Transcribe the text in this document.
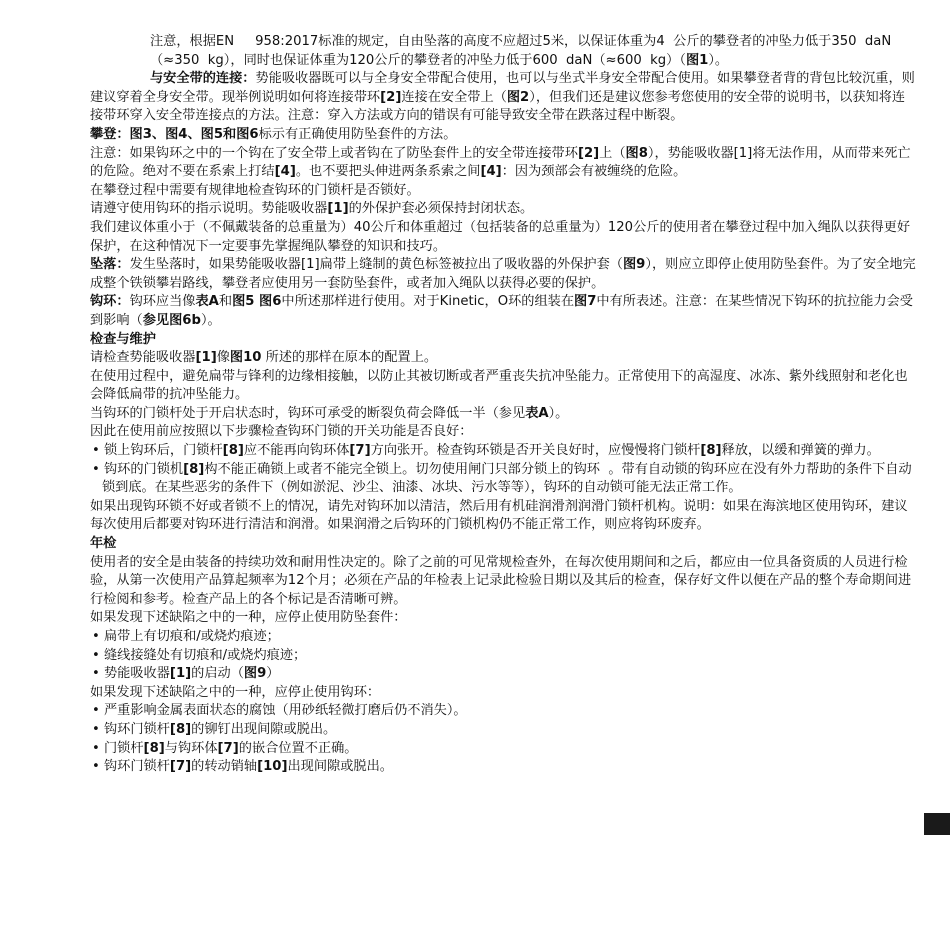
注意，根据EN     958:2017标准的规定，自由坠落的高度不应超过5米，以保证体重为4  公斤的攀登者的冲坠力低于350  daN（≈350  kg），同时也保证体重为120公斤的攀登者的冲坠力低于600  daN（≈600  kg）（图1）。

与安全带的连接：势能吸收器既可以与全身安全带配合使用，也可以与坐式半身安全带配合使用。如果攀登者背的背包比较沉重，则建议穿着全身安全带。现举例说明如何将连接带环[2]连接在安全带上（图2），但我们还是建议您参考您使用的安全带的说明书，以获知将连接带环穿入安全带连接点的方法。注意：穿入方法或方向的错误有可能导致安全带在跌落过程中断裂。

攀登：图3、图4、图5和图6标示有正确使用防坠套件的方法。

注意：如果钩环之中的一个钩在了安全带上或者钩在了防坠套件上的安全带连接带环[2]上（图8），势能吸收器[1]将无法作用，从而带来死亡的危险。绝对不要在系索上打结[4]。也不要把头伸进两条系索之间[4]：因为颈部会有被缠绕的危险。

在攀登过程中需要有规律地检查钩环的门锁杆是否锁好。

请遵守使用钩环的指示说明。势能吸收器[1]的外保护套必须保持封闭状态。

我们建议体重小于（不佩戴装备的总重量为）40公斤和体重超过（包括装备的总重量为）120公斤的使用者在攀登过程中加入绳队以获得更好保护，在这种情况下一定要事先掌握绳队攀登的知识和技巧。

坠落：发生坠落时，如果势能吸收器[1]扁带上缝制的黄色标签被拉出了吸收器的外保护套（图9），则应立即停止使用防坠套件。为了安全地完成整个铁锁攀岩路线，攀登者应使用另一套防坠套件，或者加入绳队以获得必要的保护。

钩环：钩环应当像表A和图5 图6中所述那样进行使用。对于Kinetic，O环的组装在图7中有所表述。注意：在某些情况下钩环的抗拉能力会受到影响（参见图6b）。

检查与维护

请检查势能吸收器[1]像图10 所述的那样在原本的配置上。

在使用过程中，避免扁带与锋利的边缘相接触，以防止其被切断或者严重丧失抗冲坠能力。正常使用下的高湿度、冰冻、紫外线照射和老化也会降低扁带的抗冲坠能力。

当钩环的门锁杆处于开启状态时，钩环可承受的断裂负荷会降低一半（参见表A）。

因此在使用前应按照以下步骤检查钩环门锁的开关功能是否良好：

• 锁上钩环后，门锁杆[8]应不能再向钩环体[7]方向张开。检查钩环锁是否开关良好时，应慢慢将门锁杆[8]释放，以缓和弹簧的弹力。

• 钩环的门锁机[8]构不能正确锁上或者不能完全锁上。切勿使用闸门只部分锁上的钩环  。带有自动锁的钩环应在没有外力帮助的条件下自动锁到底。在某些恶劣的条件下（例如淤泥、沙尘、油漆、冰块、污水等等），钩环的自动锁可能无法正常工作。

如果出现钩环锁不好或者锁不上的情况，请先对钩环加以清洁，然后用有机硅润滑剂润滑门锁杆机构。说明：如果在海滨地区使用钩环，建议每次使用后都要对钩环进行清洁和润滑。如果润滑之后钩环的门锁机构仍不能正常工作，则应将钩环废弃。

年检

使用者的安全是由装备的持续功效和耐用性决定的。除了之前的可见常规检查外，在每次使用期间和之后，都应由一位具备资质的人员进行检验，从第一次使用产品算起频率为12个月；必须在产品的年检表上记录此检验日期以及其后的检查，保存好文件以便在产品的整个寿命期间进行检阅和参考。检查产品上的各个标记是否清晰可辨。

如果发现下述缺陷之中的一种，应停止使用防坠套件：

• 扁带上有切痕和/或烧灼痕迹；

• 缝线接缝处有切痕和/或烧灼痕迹；

• 势能吸收器[1]的启动（图9）

如果发现下述缺陷之中的一种，应停止使用钩环：

• 严重影响金属表面状态的腐蚀（用砂纸轻微打磨后仍不消失）。

• 钩环门锁杆[8]的铆钉出现间隙或脱出。

• 门锁杆[8]与钩环体[7]的嵌合位置不正确。

• 钩环门锁杆[7]的转动销轴[10]出现间隙或脱出。
